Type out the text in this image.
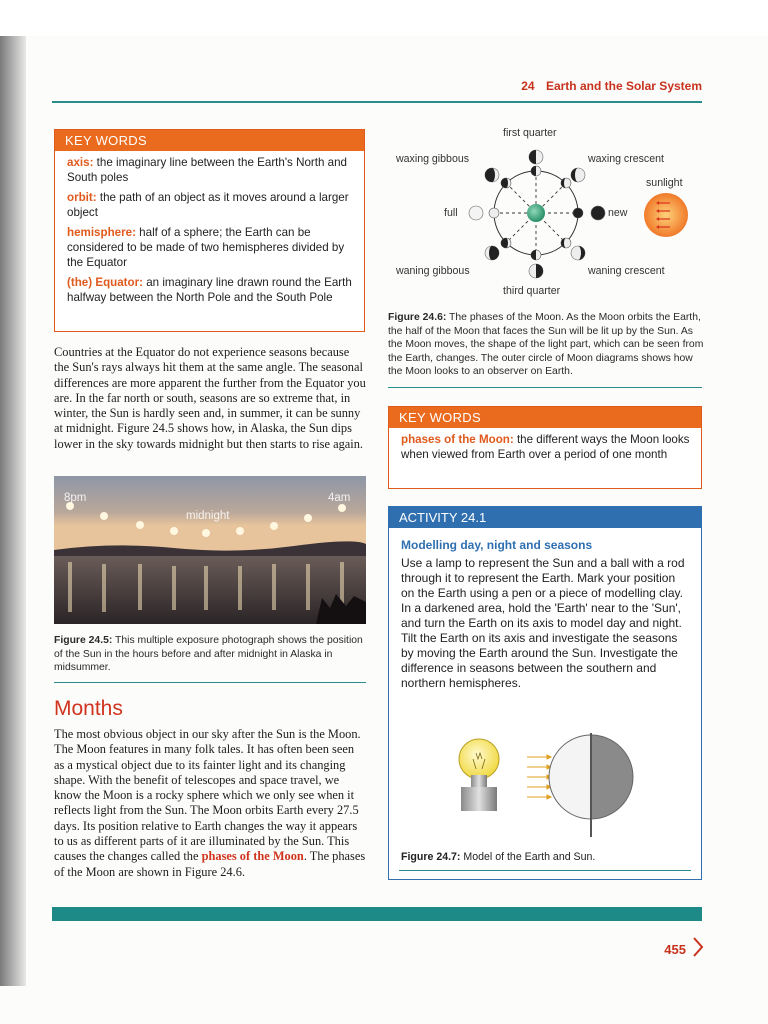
24 Earth and the Solar System
KEY WORDS
axis: the imaginary line between the Earth's North and South poles
orbit: the path of an object as it moves around a larger object
hemisphere: half of a sphere; the Earth can be considered to be made of two hemispheres divided by the Equator
(the) Equator: an imaginary line drawn round the Earth halfway between the North Pole and the South Pole
Countries at the Equator do not experience seasons because the Sun's rays always hit them at the same angle. The seasonal differences are more apparent the further from the Equator you are. In the far north or south, seasons are so extreme that, in winter, the Sun is hardly seen and, in summer, it can be sunny at midnight. Figure 24.5 shows how, in Alaska, the Sun dips lower in the sky towards midnight but then starts to rise again.
8pm
midnight
4am
Figure 24.5: This multiple exposure photograph shows the position of the Sun in the hours before and after midnight in Alaska in midsummer.
Months
The most obvious object in our sky after the Sun is the Moon. The Moon features in many folk tales. It has often been seen as a mystical object due to its fainter light and its changing shape. With the benefit of telescopes and space travel, we know the Moon is a rocky sphere which we only see when it reflects light from the Sun. The Moon orbits Earth every 27.5 days. Its position relative to Earth changes the way it appears to us as different parts of it are illuminated by the Sun. This causes the changes called the phases of the Moon. The phases of the Moon are shown in Figure 24.6.
first quarter
waxing gibbous	waxing crescent
sunlight
full	new
waning gibbous	waning crescent
third quarter
Figure 24.6: The phases of the Moon. As the Moon orbits the Earth, the half of the Moon that faces the Sun will be lit up by the Sun. As the Moon moves, the shape of the light part, which can be seen from the Earth, changes. The outer circle of Moon diagrams shows how the Moon looks to an observer on Earth.
KEY WORDS
phases of the Moon: the different ways the Moon looks when viewed from Earth over a period of one month
ACTIVITY 24.1
Modelling day, night and seasons

Use a lamp to represent the Sun and a ball with a rod through it to represent the Earth. Mark your position on the Earth using a pen or a piece of modelling clay. In a darkened area, hold the 'Earth' near to the 'Sun', and turn the Earth on its axis to model day and night.

Tilt the Earth on its axis and investigate the seasons by moving the Earth around the Sun. Investigate the difference in seasons between the southern and northern hemispheres.

Figure 24.7: Model of the Earth and Sun.
455
